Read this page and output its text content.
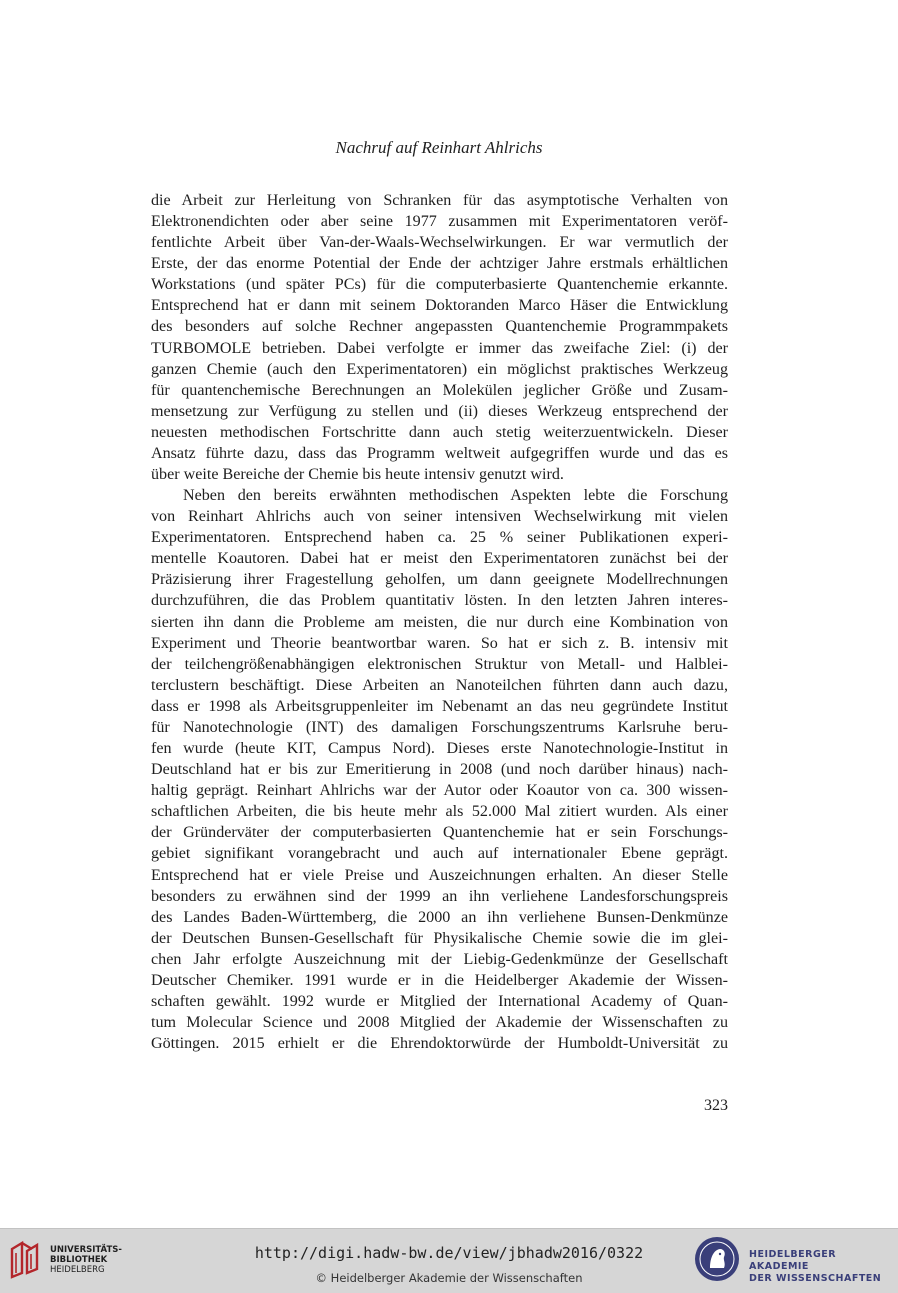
Nachruf auf Reinhart Ahlrichs
die Arbeit zur Herleitung von Schranken für das asymptotische Verhalten von
Elektronendichten oder aber seine 1977 zusammen mit Experimentatoren veröf-
fentlichte Arbeit über Van-der-Waals-Wechselwirkungen. Er war vermutlich der
Erste, der das enorme Potential der Ende der achtziger Jahre erstmals erhältlichen
Workstations (und später PCs) für die computerbasierte Quantenchemie erkannte.
Entsprechend hat er dann mit seinem Doktoranden Marco Häser die Entwicklung
des besonders auf solche Rechner angepassten Quantenchemie Programmpakets
TURBOMOLE betrieben. Dabei verfolgte er immer das zweifache Ziel: (i) der
ganzen Chemie (auch den Experimentatoren) ein möglichst praktisches Werkzeug
für quantenchemische Berechnungen an Molekülen jeglicher Größe und Zusam-
mensetzung zur Verfügung zu stellen und (ii) dieses Werkzeug entsprechend der
neuesten methodischen Fortschritte dann auch stetig weiterzuentwickeln. Dieser
Ansatz führte dazu, dass das Programm weltweit aufgegriffen wurde und das es
über weite Bereiche der Chemie bis heute intensiv genutzt wird.
Neben den bereits erwähnten methodischen Aspekten lebte die Forschung
von Reinhart Ahlrichs auch von seiner intensiven Wechselwirkung mit vielen
Experimentatoren. Entsprechend haben ca. 25 % seiner Publikationen experi-
mentelle Koautoren. Dabei hat er meist den Experimentatoren zunächst bei der
Präzisierung ihrer Fragestellung geholfen, um dann geeignete Modellrechnungen
durchzuführen, die das Problem quantitativ lösten. In den letzten Jahren interes-
sierten ihn dann die Probleme am meisten, die nur durch eine Kombination von
Experiment und Theorie beantwortbar waren. So hat er sich z. B. intensiv mit
der teilchengrößenabhängigen elektronischen Struktur von Metall- und Halblei-
terclustern beschäftigt. Diese Arbeiten an Nanoteilchen führten dann auch dazu,
dass er 1998 als Arbeitsgruppenleiter im Nebenamt an das neu gegründete Institut
für Nanotechnologie (INT) des damaligen Forschungszentrums Karlsruhe beru-
fen wurde (heute KIT, Campus Nord). Dieses erste Nanotechnologie-Institut in
Deutschland hat er bis zur Emeritierung in 2008 (und noch darüber hinaus) nach-
haltig geprägt. Reinhart Ahlrichs war der Autor oder Koautor von ca. 300 wissen-
schaftlichen Arbeiten, die bis heute mehr als 52.000 Mal zitiert wurden. Als einer
der Gründerväter der computerbasierten Quantenchemie hat er sein Forschungs-
gebiet signifikant vorangebracht und auch auf internationaler Ebene geprägt.
Entsprechend hat er viele Preise und Auszeichnungen erhalten. An dieser Stelle
besonders zu erwähnen sind der 1999 an ihn verliehene Landesforschungspreis
des Landes Baden-Württemberg, die 2000 an ihn verliehene Bunsen-Denkmünze
der Deutschen Bunsen-Gesellschaft für Physikalische Chemie sowie die im glei-
chen Jahr erfolgte Auszeichnung mit der Liebig-Gedenkmünze der Gesellschaft
Deutscher Chemiker. 1991 wurde er in die Heidelberger Akademie der Wissen-
schaften gewählt. 1992 wurde er Mitglied der International Academy of Quan-
tum Molecular Science und 2008 Mitglied der Akademie der Wissenschaften zu
Göttingen. 2015 erhielt er die Ehrendoktorwürde der Humboldt-Universität zu
323
UNIVERSITÄTS-
BIBLIOTHEK
HEIDELBERG
http://digi.hadw-bw.de/view/jbhadw2016/0322
© Heidelberger Akademie der Wissenschaften
HEIDELBERGER AKADEMIE
DER WISSENSCHAFTEN
